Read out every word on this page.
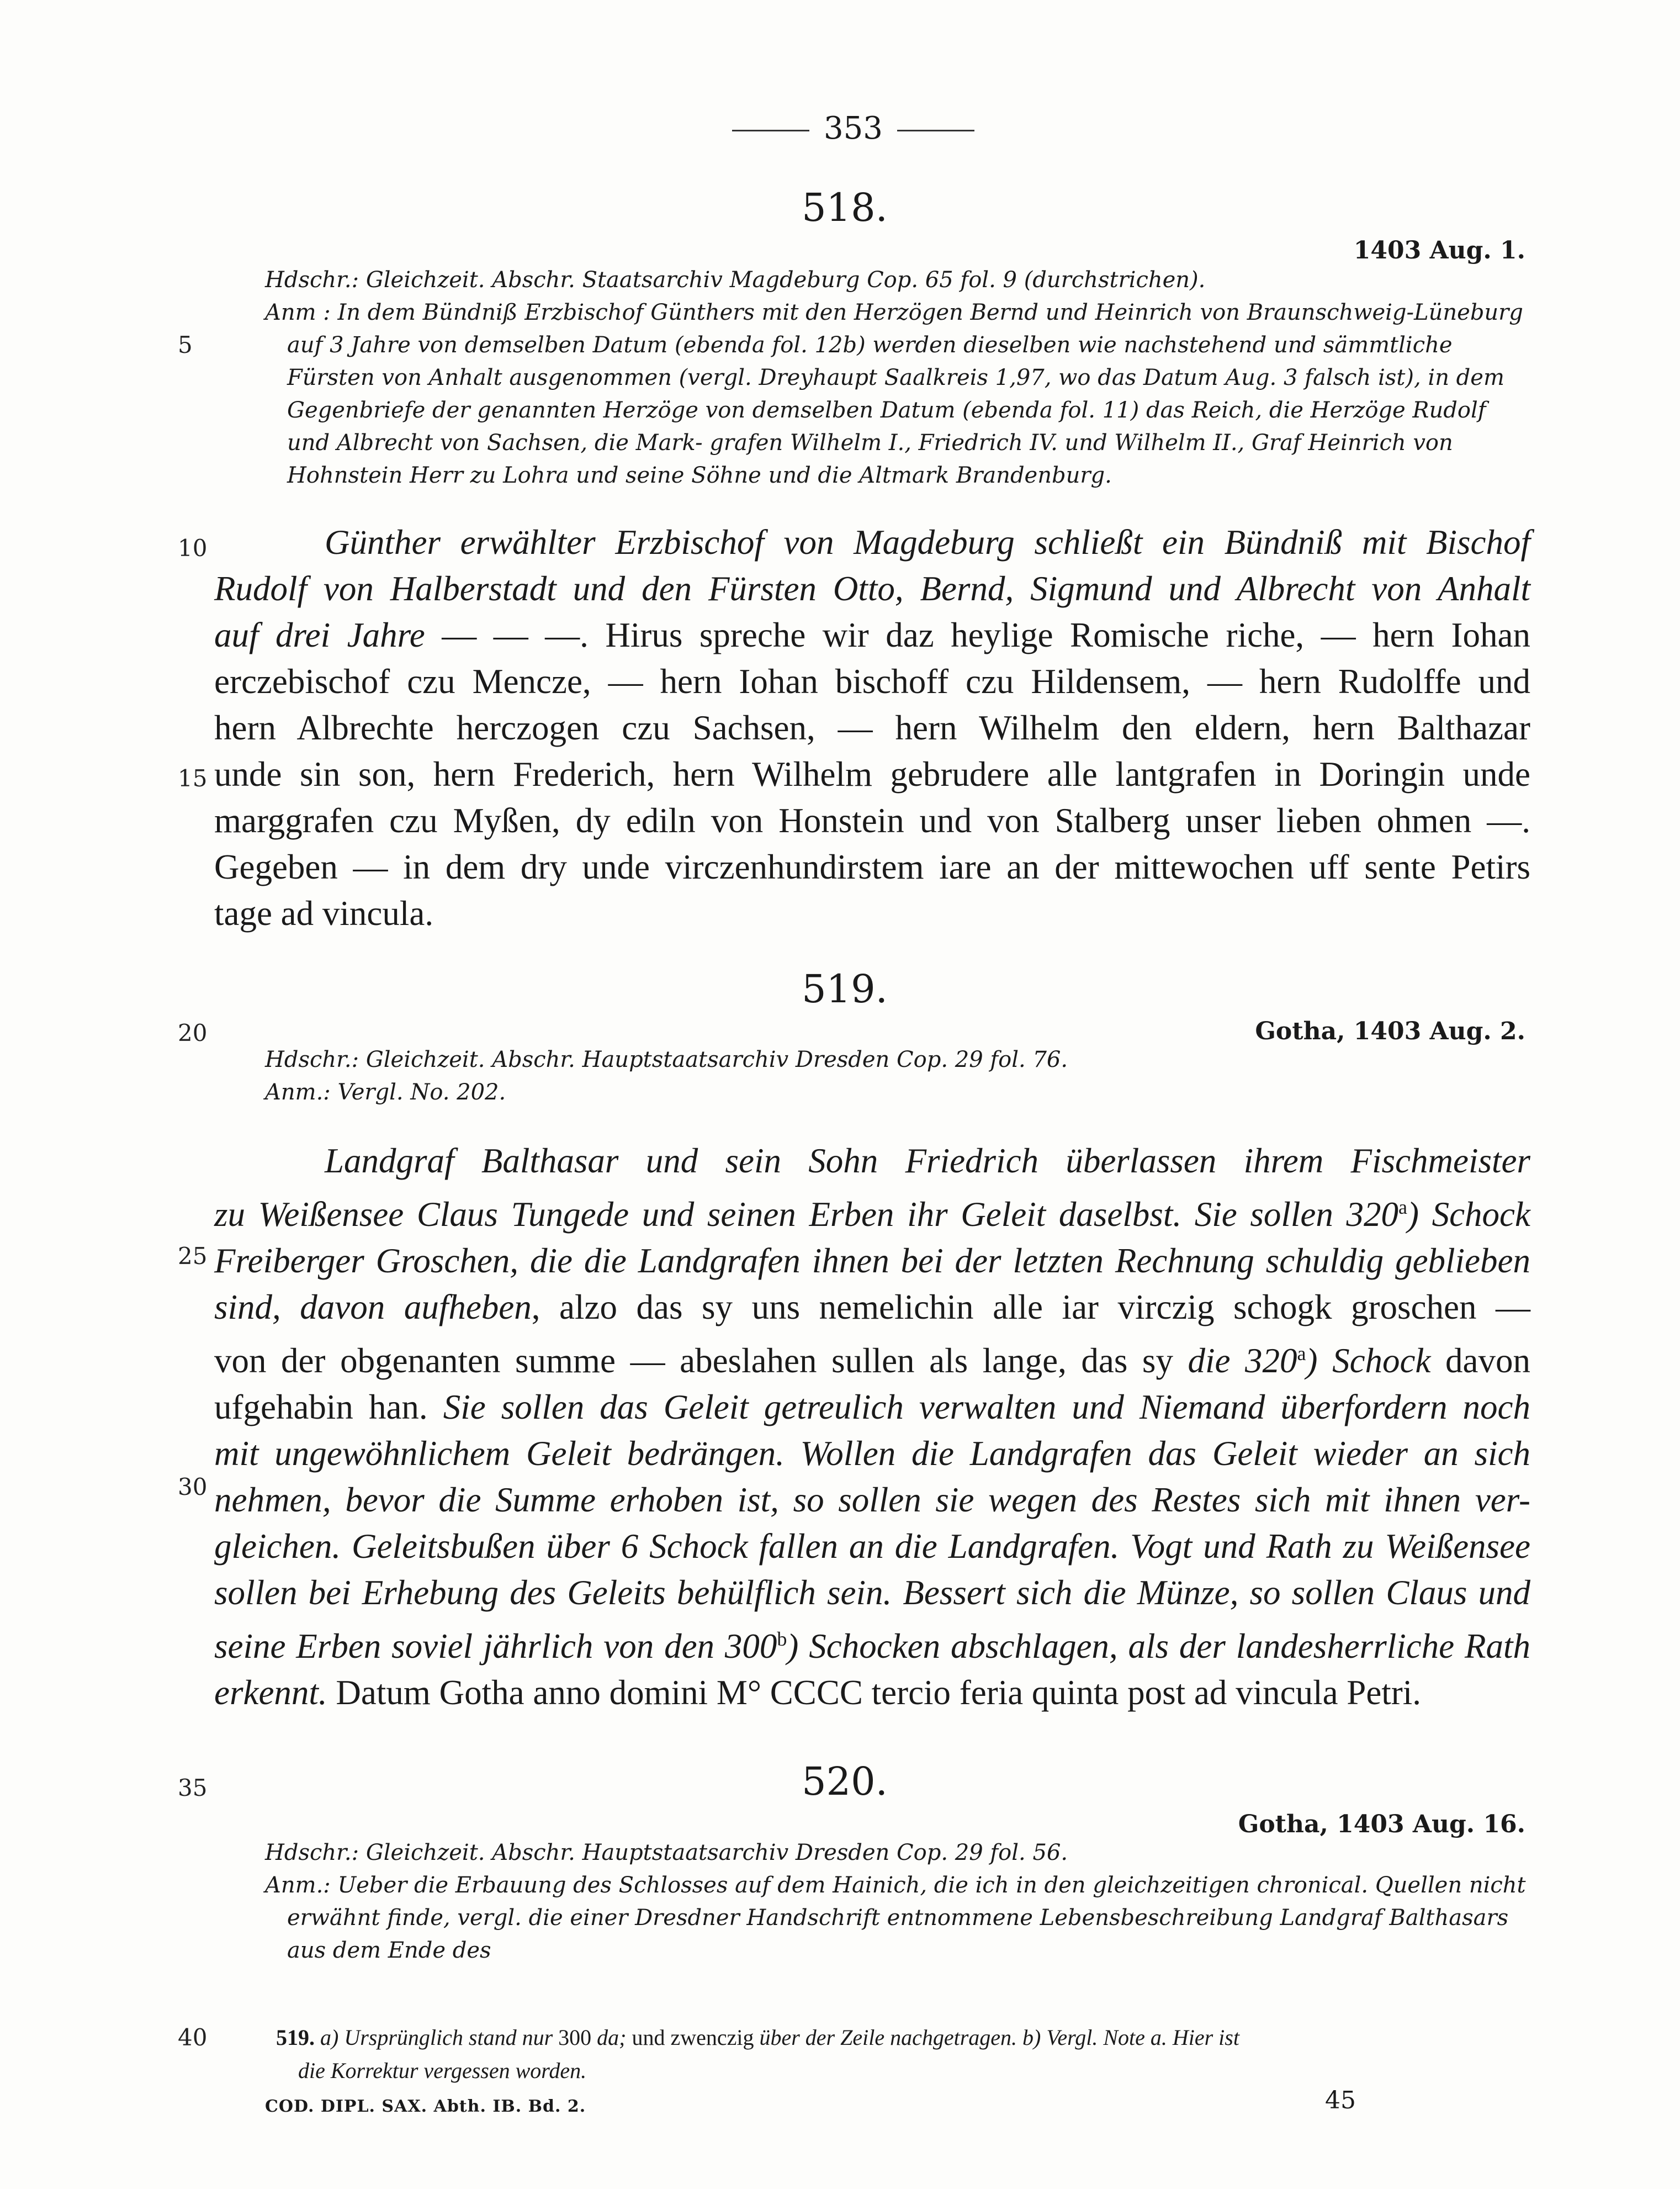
353
5
10
15
20
25
30
35
40
518.
1403 Aug. 1.
Hdschr.: Gleichzeit. Abschr. Staatsarchiv Magdeburg Cop. 65 fol. 9 (durchstrichen).
Anm : In dem Bündniß Erzbischof Günthers mit den Herzögen Bernd und Heinrich von Braunschweig-Lüneburg auf 3 Jahre von demselben Datum (ebenda fol. 12b) werden dieselben wie nachstehend und sämmtliche Fürsten von Anhalt ausgenommen (vergl. Dreyhaupt Saalkreis 1,97, wo das Datum Aug. 3 falsch ist), in dem Gegenbriefe der genannten Herzöge von demselben Datum (ebenda fol. 11) das Reich, die Herzöge Rudolf und Albrecht von Sachsen, die Mark- grafen Wilhelm I., Friedrich IV. und Wilhelm II., Graf Heinrich von Hohnstein Herr zu Lohra und seine Söhne und die Altmark Brandenburg.
Günther erwählter Erzbischof von Magdeburg schließt ein Bündniß mit Bischof
Rudolf von Halberstadt und den Fürsten Otto, Bernd, Sigmund und Albrecht von Anhalt
auf drei Jahre — — —. Hirus spreche wir daz heylige Romische riche, — hern Iohan
erczebischof czu Mencze, — hern Iohan bischoff czu Hildensem, — hern Rudolffe und
hern Albrechte herczogen czu Sachsen, — hern Wilhelm den eldern, hern Balthazar
unde sin son, hern Frederich, hern Wilhelm gebrudere alle lantgrafen in Doringin unde
marggrafen czu Myßen, dy ediln von Honstein und von Stalberg unser lieben ohmen —.
Gegeben — in dem dry unde virczenhundirstem iare an der mittewochen uff sente Petirs
tage ad vincula.
519.
Gotha, 1403 Aug. 2.
Hdschr.: Gleichzeit. Abschr. Hauptstaatsarchiv Dresden Cop. 29 fol. 76.
Anm.: Vergl. No. 202.
Landgraf Balthasar und sein Sohn Friedrich überlassen ihrem Fischmeister
zu Weißensee Claus Tungede und seinen Erben ihr Geleit daselbst. Sie sollen 320$^a$) Schock
Freiberger Groschen, die die Landgrafen ihnen bei der letzten Rechnung schuldig geblieben
sind, davon aufheben, alzo das sy uns nemelichin alle iar virczig schogk groschen —
von der obgenanten summe — abeslahen sullen als lange, das sy die 320$^a$) Schock davon
ufgehabin han. Sie sollen das Geleit getreulich verwalten und Niemand überfordern noch
mit ungewöhnlichem Geleit bedrängen. Wollen die Landgrafen das Geleit wieder an sich
nehmen, bevor die Summe erhoben ist, so sollen sie wegen des Restes sich mit ihnen ver-
gleichen. Geleitsbußen über 6 Schock fallen an die Landgrafen. Vogt und Rath zu Weißensee
sollen bei Erhebung des Geleits behülflich sein. Bessert sich die Münze, so sollen Claus und
seine Erben soviel jährlich von den 300$^b$) Schocken abschlagen, als der landesherrliche Rath
erkennt. Datum Gotha anno domini M° CCCC tercio feria quinta post ad vincula Petri.
520.
Gotha, 1403 Aug. 16.
Hdschr.: Gleichzeit. Abschr. Hauptstaatsarchiv Dresden Cop. 29 fol. 56.
Anm.: Ueber die Erbauung des Schlosses auf dem Hainich, die ich in den gleichzeitigen chronical. Quellen nicht erwähnt finde, vergl. die einer Dresdner Handschrift entnommene Lebensbeschreibung Landgraf Balthasars aus dem Ende des
519. a) Ursprünglich stand nur 300 da; und zwenczig über der Zeile nachgetragen. b) Vergl. Note a. Hier ist
die Korrektur vergessen worden.
COD. DIPL. SAX. Abth. IB. Bd. 2.	45
